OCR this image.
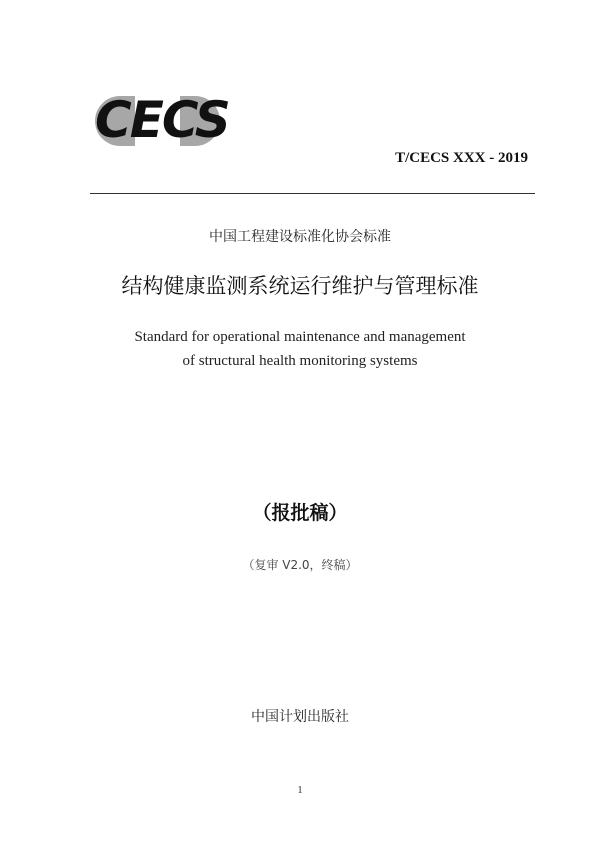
CECS
T/CECS XXX - 2019
中国工程建设标准化协会标准
结构健康监测系统运行维护与管理标准
Standard for operational maintenance and management
of structural health monitoring systems
（报批稿）
（复审 V2.0，终稿）
中国计划出版社
1
